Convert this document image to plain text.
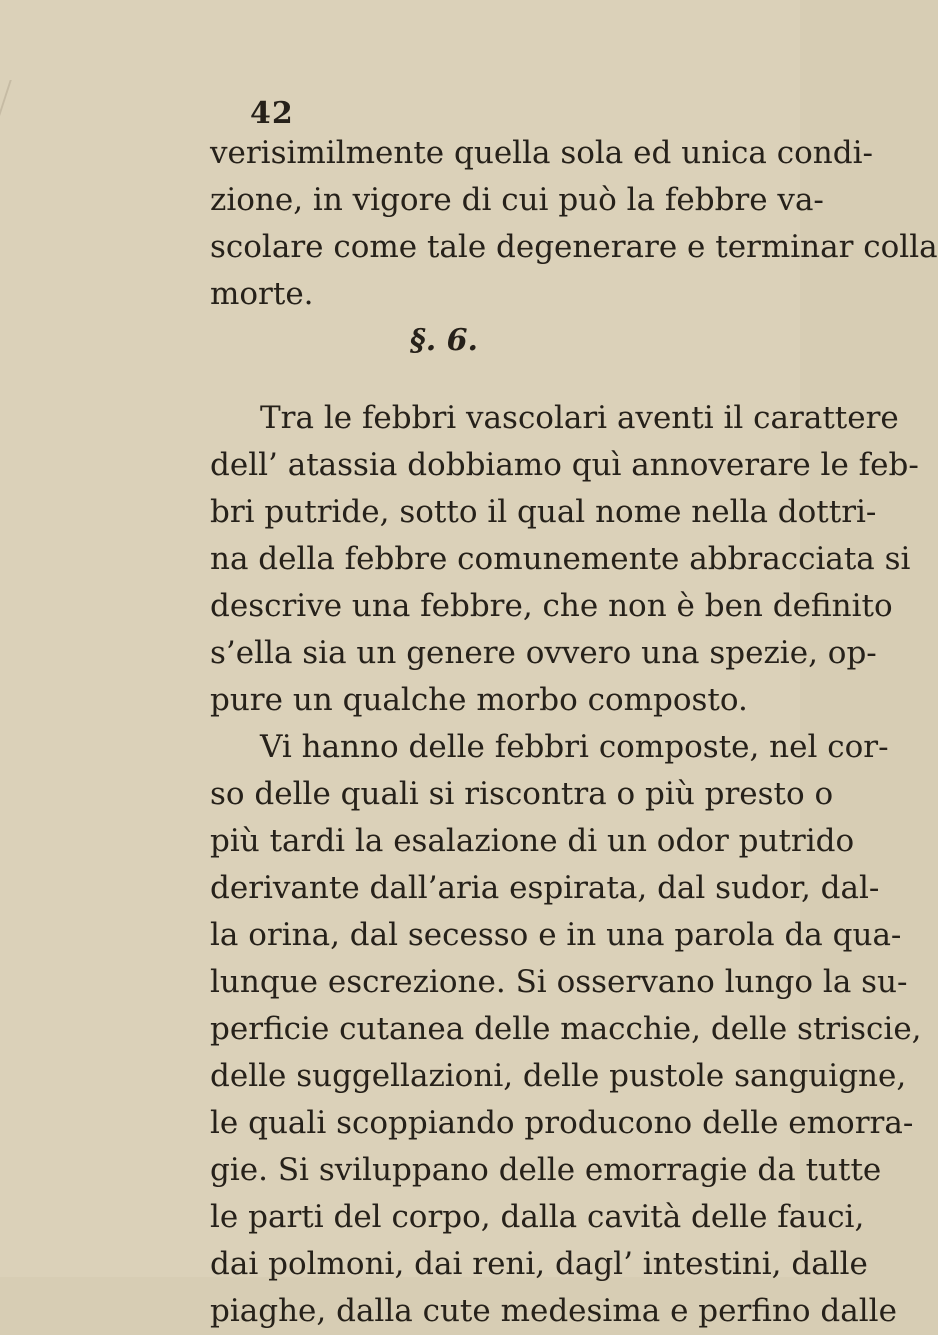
42
verisimilmente quella sola ed unica condi-
zione, in vigore di cui può la febbre va-
scolare come tale degenerare e terminar colla
morte.
§. 6.
Tra le febbri vascolari aventi il carattere
dell’ atassia dobbiamo quì annoverare le feb-
bri putride, sotto il qual nome nella dottri-
na della febbre comunemente abbracciata si
descrive una febbre, che non è ben definito
s’ella sia un genere ovvero una spezie, op-
pure un qualche morbo composto.
Vi hanno delle febbri composte, nel cor-
so delle quali si riscontra o più presto o
più tardi la esalazione di un odor putrido
derivante dall’aria espirata, dal sudor, dal-
la orina, dal secesso e in una parola da qua-
lunque escrezione. Si osservano lungo la su-
perficie cutanea delle macchie, delle striscie,
delle suggellazioni, delle pustole sanguigne,
le quali scoppiando producono delle emorra-
gie. Si sviluppano delle emorragie da tutte
le parti del corpo, dalla cavità delle fauci,
dai polmoni, dai reni, dagl’ intestini, dalle
piaghe, dalla cute medesima e perfino dalle
